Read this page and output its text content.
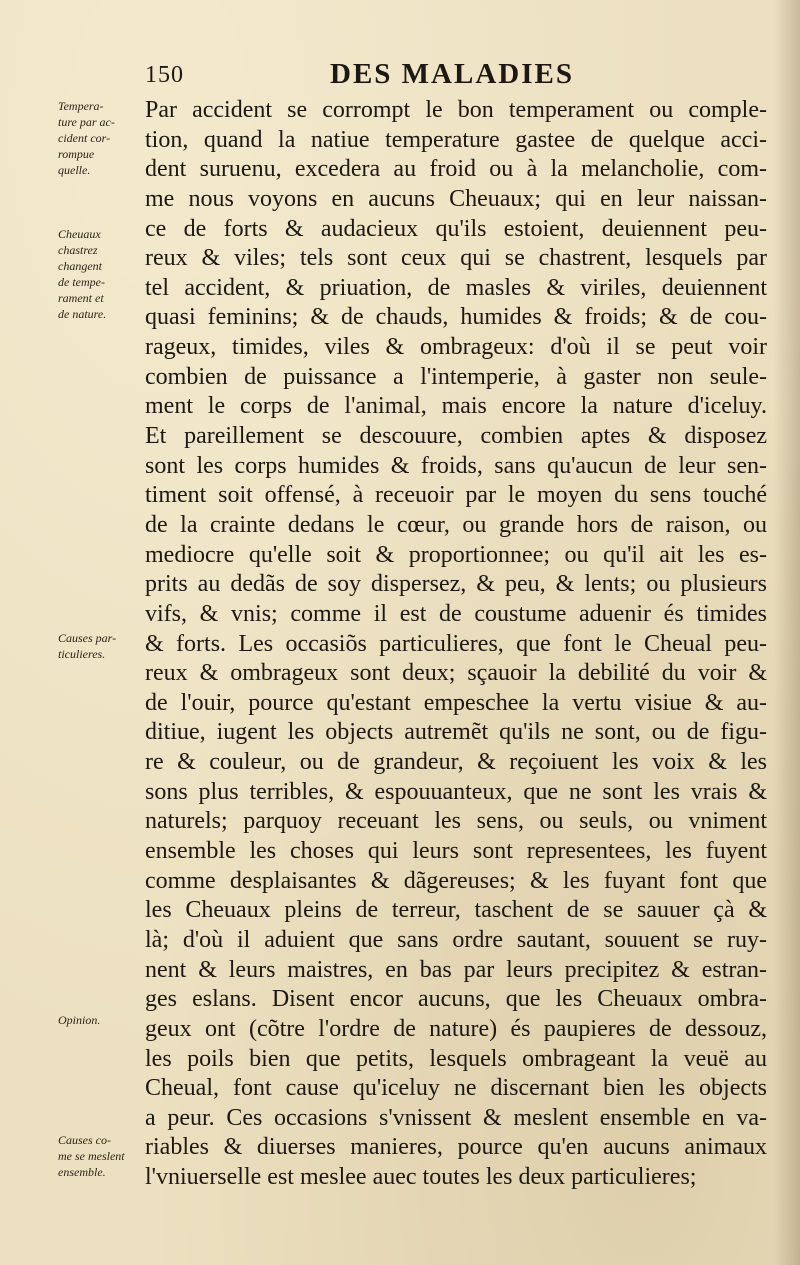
150	DES MALADIES
Tempera-
ture par ac-
cident cor-
rompue
quelle.
Cheuaux
chastrez
changent
de tempe-
rament et
de nature.
Causes par-
ticulieres.
Opinion.
Causes co-
me se meslent
ensemble.
Par accident se corrompt le bon temperament ou comple-
tion, quand la natiue temperature gastee de quelque acci-
dent suruenu, excedera au froid ou à la melancholie, com-
me nous voyons en aucuns Cheuaux; qui en leur naissan-
ce de forts & audacieux qu'ils estoient, deuiennent peu-
reux & viles; tels sont ceux qui se chastrent, lesquels par
tel accident, & priuation, de masles & viriles, deuiennent
quasi feminins; & de chauds, humides & froids; & de cou-
rageux, timides, viles & ombrageux: d'où il se peut voir
combien de puissance a l'intemperie, à gaster non seule-
ment le corps de l'animal, mais encore la nature d'iceluy.
Et pareillement se descouure, combien aptes & disposez
sont les corps humides & froids, sans qu'aucun de leur sen-
timent soit offensé, à receuoir par le moyen du sens touché
de la crainte dedans le cœur, ou grande hors de raison, ou
mediocre qu'elle soit & proportionnee; ou qu'il ait les es-
prits au dedãs de soy dispersez, & peu, & lents; ou plusieurs
vifs, & vnis; comme il est de coustume aduenir és timides
& forts. Les occasiõs particulieres, que font le Cheual peu-
reux & ombrageux sont deux; sçauoir la debilité du voir &
de l'ouir, pource qu'estant empeschee la vertu visiue & au-
ditiue, iugent les objects autremẽt qu'ils ne sont, ou de figu-
re & couleur, ou de grandeur, & reçoiuent les voix & les
sons plus terribles, & espouuanteux, que ne sont les vrais &
naturels; parquoy receuant les sens, ou seuls, ou vniment
ensemble les choses qui leurs sont representees, les fuyent
comme desplaisantes & dãgereuses; & les fuyant font que
les Cheuaux pleins de terreur, taschent de se sauuer çà &
là; d'où il aduient que sans ordre sautant, souuent se ruy-
nent & leurs maistres, en bas par leurs precipitez & estran-
ges eslans. Disent encor aucuns, que les Cheuaux ombra-
geux ont (cõtre l'ordre de nature) és paupieres de dessouz,
les poils bien que petits, lesquels ombrageant la veuë au
Cheual, font cause qu'iceluy ne discernant bien les objects
a peur. Ces occasions s'vnissent & meslent ensemble en va-
riables & diuerses manieres, pource qu'en aucuns animaux
l'vniuerselle est meslee auec toutes les deux particulieres;
